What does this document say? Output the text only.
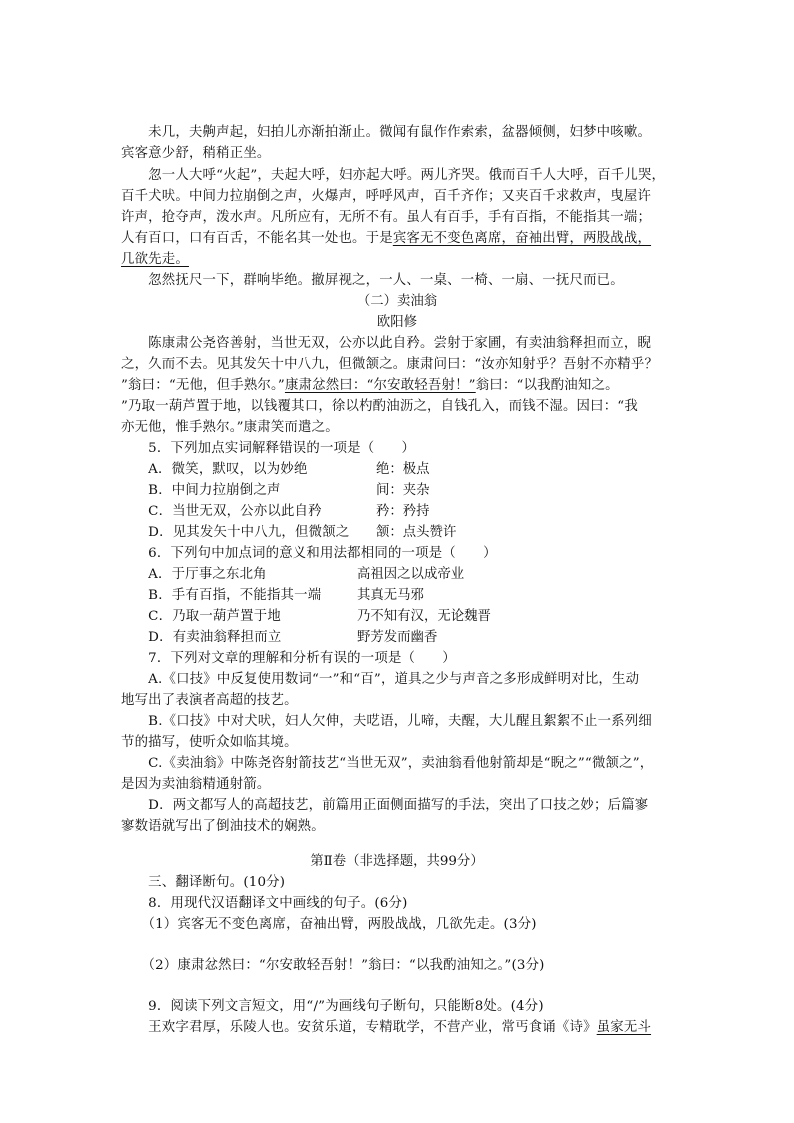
　　未几，夫齁声起，妇拍儿亦渐拍渐止。微闻有鼠作作索索，盆器倾侧，妇梦中咳嗽。
宾客意少舒，稍稍正坐。
　　忽一人大呼“火起”，夫起大呼，妇亦起大呼。两儿齐哭。俄而百千人大呼，百千儿哭，
百千犬吠。中间力拉崩倒之声，火爆声，呼呼风声，百千齐作；又夹百千求救声，曳屋许
许声，抢夺声，泼水声。凡所应有，无所不有。虽人有百手，手有百指，不能指其一端；
人有百口，口有百舌，不能名其一处也。于是宾客无不变色离席，奋袖出臂，两股战战，
几欲先走。
　　忽然抚尺一下，群响毕绝。撤屏视之，一人、一桌、一椅、一扇、一抚尺而已。
（二）卖油翁
欧阳修
　　陈康肃公尧咨善射，当世无双，公亦以此自矜。尝射于家圃，有卖油翁释担而立，睨
之，久而不去。见其发矢十中八九，但微颔之。康肃问曰：“汝亦知射乎？吾射不亦精乎？
”翁曰：“无他，但手熟尔。”康肃忿然曰：“尔安敢轻吾射！”翁曰：“以我酌油知之。
”乃取一葫芦置于地，以钱覆其口，徐以杓酌油沥之，自钱孔入，而钱不湿。因曰：“我
亦无他，惟手熟尔。”康肃笑而遣之。
　　5．下列加点实词解释错误的一项是（　　）
　　A．微笑，默叹，以为妙绝	绝：极点
　　B．中间力拉崩倒之声	间：夹杂
　　C．当世无双，公亦以此自矜	矜：矜持
　　D．见其发矢十中八九，但微颔之 颔：点头赞许
　　6．下列句中加点词的意义和用法都相同的一项是（　　）
　　A．于厅事之东北角	高祖因之以成帝业
　　B．手有百指，不能指其一端	其真无马邪
　　C．乃取一葫芦置于地	乃不知有汉，无论魏晋
　　D．有卖油翁释担而立	野芳发而幽香
　　7．下列对文章的理解和分析有误的一项是（　　）
　　A.《口技》中反复使用数词“一”和“百”，道具之少与声音之多形成鲜明对比，生动
地写出了表演者高超的技艺。
　　B.《口技》中对犬吠，妇人欠伸，夫呓语，儿啼，夫醒，大儿醒且絮絮不止一系列细
节的描写，使听众如临其境。
　　C.《卖油翁》中陈尧咨射箭技艺“当世无双”，卖油翁看他射箭却是“睨之”“微颔之”，
是因为卖油翁精通射箭。
　　D．两文都写人的高超技艺，前篇用正面侧面描写的手法，突出了口技之妙；后篇寥
寥数语就写出了倒油技术的娴熟。
第Ⅱ卷（非选择题，共99分）
　　三、翻译断句。(10分)
　　8．用现代汉语翻译文中画线的句子。(6分)
　　（1）宾客无不变色离席，奋袖出臂，两股战战，几欲先走。(3分)
　　（2）康肃忿然曰：“尔安敢轻吾射！”翁曰：“以我酌油知之。”(3分)
　　9．阅读下列文言短文，用“/”为画线句子断句，只能断8处。(4分)
　　王欢字君厚，乐陵人也。安贫乐道，专精耽学，不营产业，常丐食诵《诗》虽家无斗
